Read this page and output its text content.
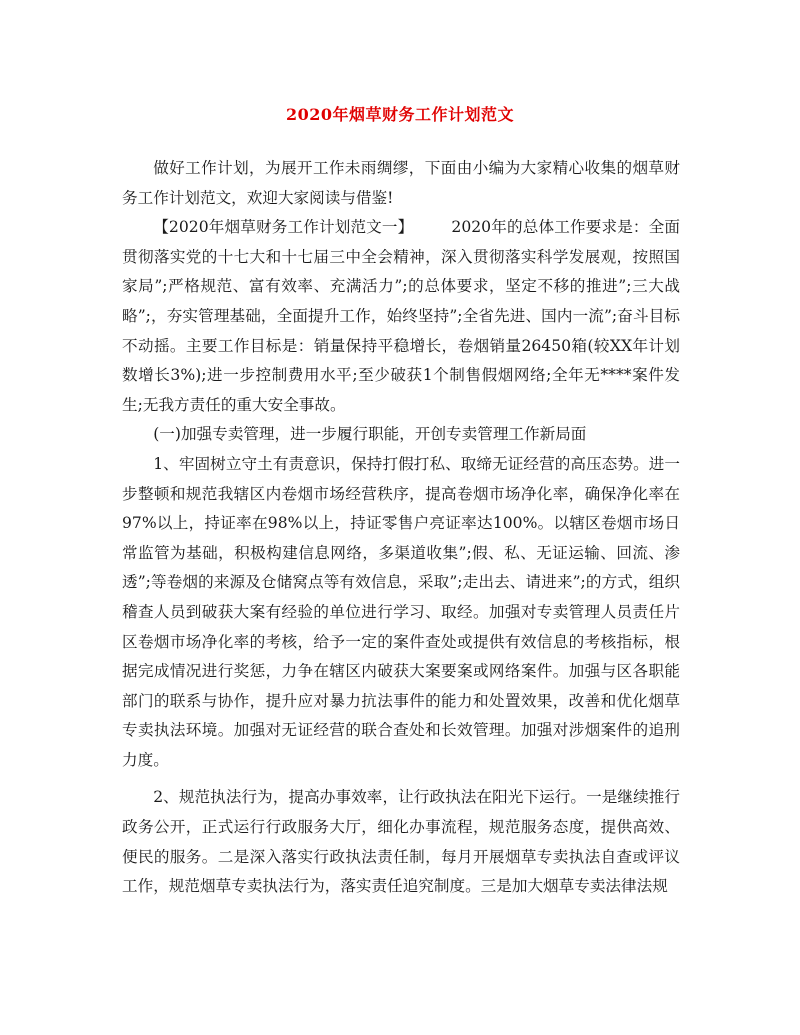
2020年烟草财务工作计划范文

做好工作计划，为展开工作未雨绸缪，下面由小编为大家精心收集的烟草财务工作计划范文，欢迎大家阅读与借鉴!

【2020年烟草财务工作计划范文一】 2020年的总体工作要求是：全面贯彻落实党的十七大和十七届三中全会精神，深入贯彻落实科学发展观，按照国家局”;严格规范、富有效率、充满活力”;的总体要求，坚定不移的推进”;三大战略”;，夯实管理基础，全面提升工作，始终坚持”;全省先进、国内一流”;奋斗目标不动摇。主要工作目标是：销量保持平稳增长，卷烟销量26450箱(较XX年计划数增长3%);进一步控制费用水平;至少破获1个制售假烟网络;全年无****案件发生;无我方责任的重大安全事故。

(一)加强专卖管理，进一步履行职能，开创专卖管理工作新局面

1、牢固树立守土有责意识，保持打假打私、取缔无证经营的高压态势。进一步整顿和规范我辖区内卷烟市场经营秩序，提高卷烟市场净化率，确保净化率在97%以上，持证率在98%以上，持证零售户亮证率达100%。以辖区卷烟市场日常监管为基础，积极构建信息网络，多渠道收集”;假、私、无证运输、回流、渗透”;等卷烟的来源及仓储窝点等有效信息，采取”;走出去、请进来”;的方式，组织稽查人员到破获大案有经验的单位进行学习、取经。加强对专卖管理人员责任片区卷烟市场净化率的考核，给予一定的案件查处或提供有效信息的考核指标，根据完成情况进行奖惩，力争在辖区内破获大案要案或网络案件。加强与区各职能部门的联系与协作，提升应对暴力抗法事件的能力和处置效果，改善和优化烟草专卖执法环境。加强对无证经营的联合查处和长效管理。加强对涉烟案件的追刑力度。

2、规范执法行为，提高办事效率，让行政执法在阳光下运行。一是继续推行政务公开，正式运行行政服务大厅，细化办事流程，规范服务态度，提供高效、便民的服务。二是深入落实行政执法责任制，每月开展烟草专卖执法自查或评议工作，规范烟草专卖执法行为，落实责任追究制度。三是加大烟草专卖法律法规
